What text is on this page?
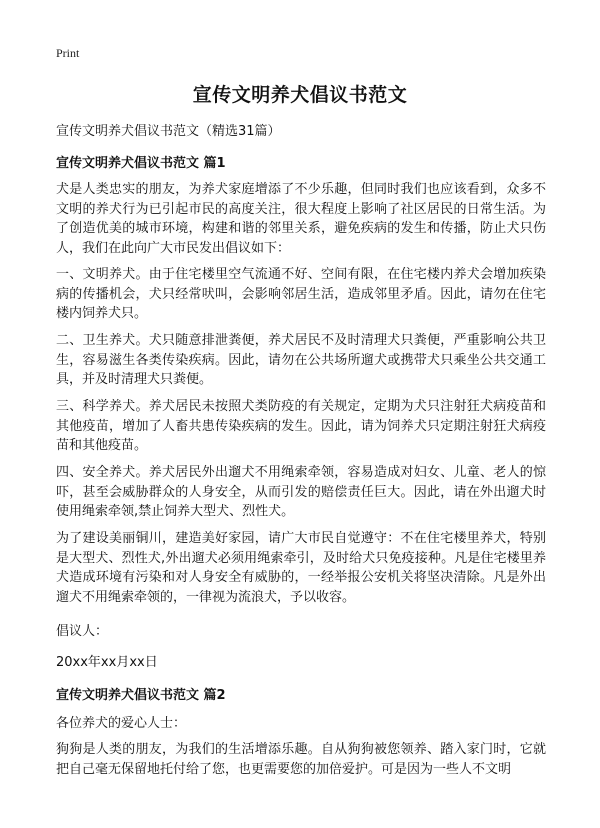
Print
宣传文明养犬倡议书范文
宣传文明养犬倡议书范文（精选31篇）
宣传文明养犬倡议书范文 篇1
犬是人类忠实的朋友，为养犬家庭增添了不少乐趣，但同时我们也应该看到，众多不文明的养犬行为已引起市民的高度关注，很大程度上影响了社区居民的日常生活。为了创造优美的城市环境，构建和谐的邻里关系，避免疾病的发生和传播，防止犬只伤人，我们在此向广大市民发出倡议如下：
一、文明养犬。由于住宅楼里空气流通不好、空间有限，在住宅楼内养犬会增加疾染病的传播机会，犬只经常吠叫，会影响邻居生活，造成邻里矛盾。因此，请勿在住宅楼内饲养犬只。
二、卫生养犬。犬只随意排泄粪便，养犬居民不及时清理犬只粪便，严重影响公共卫生，容易滋生各类传染疾病。因此，请勿在公共场所遛犬或携带犬只乘坐公共交通工具，并及时清理犬只粪便。
三、科学养犬。养犬居民未按照犬类防疫的有关规定，定期为犬只注射狂犬病疫苗和其他疫苗，增加了人畜共患传染疾病的发生。因此，请为饲养犬只定期注射狂犬病疫苗和其他疫苗。
四、安全养犬。养犬居民外出遛犬不用绳索牵领，容易造成对妇女、儿童、老人的惊吓，甚至会威胁群众的人身安全，从而引发的赔偿责任巨大。因此，请在外出遛犬时使用绳索牵领,禁止饲养大型犬、烈性犬。
为了建设美丽铜川，建造美好家园，请广大市民自觉遵守：不在住宅楼里养犬，特别是大型犬、烈性犬,外出遛犬必须用绳索牵引，及时给犬只免疫接种。凡是住宅楼里养犬造成环境有污染和对人身安全有威胁的，一经举报公安机关将坚决清除。凡是外出遛犬不用绳索牵领的，一律视为流浪犬，予以收容。
倡议人：
20xx年xx月xx日
宣传文明养犬倡议书范文 篇2
各位养犬的爱心人士：
狗狗是人类的朋友，为我们的生活增添乐趣。自从狗狗被您领养、踏入家门时，它就把自己毫无保留地托付给了您，也更需要您的加倍爱护。可是因为一些人不文明
